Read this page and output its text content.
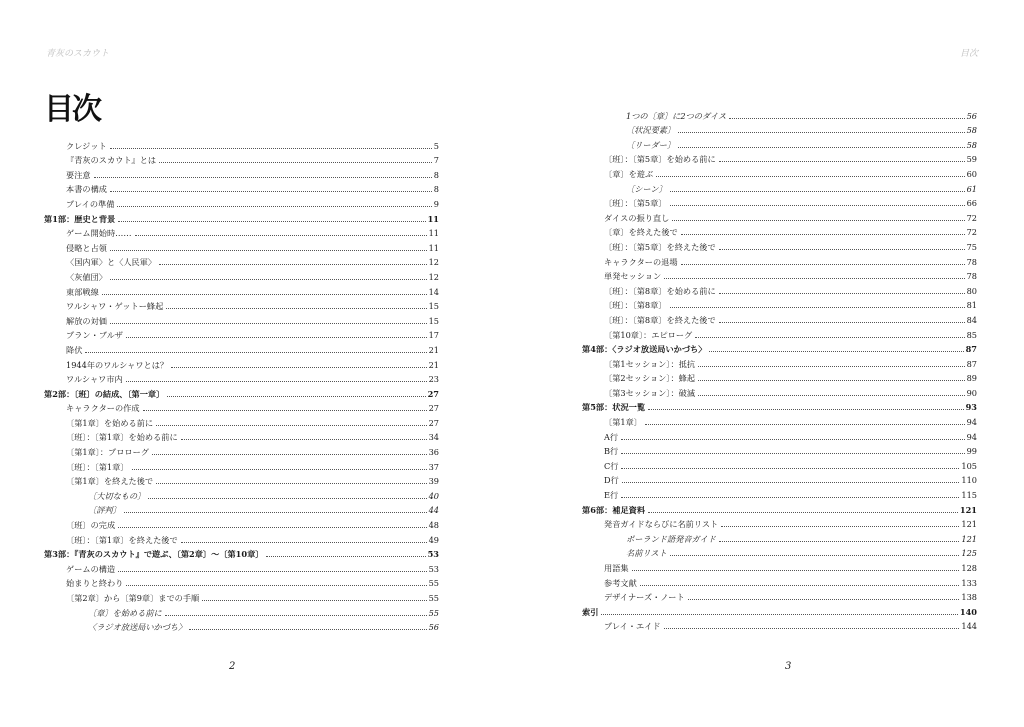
青灰のスカウト
目次
クレジット	5
『青灰のスカウト』とは	7
要注意	8
本書の構成	8
プレイの準備	9
第1部：歴史と背景	11
ゲーム開始時……	11
侵略と占領	11
〈国内軍〉と〈人民軍〉	12
〈灰値団〉	12
東部戦線	14
ワルシャワ・ゲットー蜂起	15
解放の対価	15
プラン・ブルザ	17
降伏	21
1944年のワルシャワとは？	21
ワルシャワ市内	23
第2部：〔班〕の結成、〔第一章〕	27
キャラクターの作成	27
〔第1章〕を始める前に	27
〔班〕：〔第1章〕を始める前に	34
〔第1章〕：プロローグ	36
〔班〕：〔第1章〕	37
〔第1章〕を終えた後で	39
〔大切なもの〕	40
〔評判〕	44
〔班〕の完成	48
〔班〕：〔第1章〕を終えた後で	49
第3部：『青灰のスカウト』で遊ぶ、〔第2章〕〜〔第10章〕	53
ゲームの構造	53
始まりと終わり	55
〔第2章〕から〔第9章〕までの手順	55
〔章〕を始める前に	55
〈ラジオ放送局いかづち〉	56
2
目次
3
1つの〔章〕に2つのダイス	56
〔状況要素〕	58
〔リーダー〕	58
〔班〕：〔第5章〕を始める前に	59
〔章〕を遊ぶ	60
〔シーン〕	61
〔班〕：〔第5章〕	66
ダイスの振り直し	72
〔章〕を終えた後で	72
〔班〕：〔第5章〕を終えた後で	75
キャラクターの退場	78
単発セッション	78
〔班〕：〔第8章〕を始める前に	80
〔班〕：〔第8章〕	81
〔班〕：〔第8章〕を終えた後で	84
〔第10章〕：エピローグ	85
第4部：〈ラジオ放送局いかづち〉	87
〔第1セッション〕：抵抗	87
〔第2セッション〕：蜂起	89
〔第3セッション〕：破滅	90
第5部：状況一覧	93
〔第1章〕	94
A行	94
B行	99
C行	105
D行	110
E行	115
第6部：補足資料	121
発音ガイドならびに名前リスト	121
ポーランド語発音ガイド	121
名前リスト	125
用語集	128
参考文献	133
デザイナーズ・ノート	138
索引	140
プレイ・エイド	144
